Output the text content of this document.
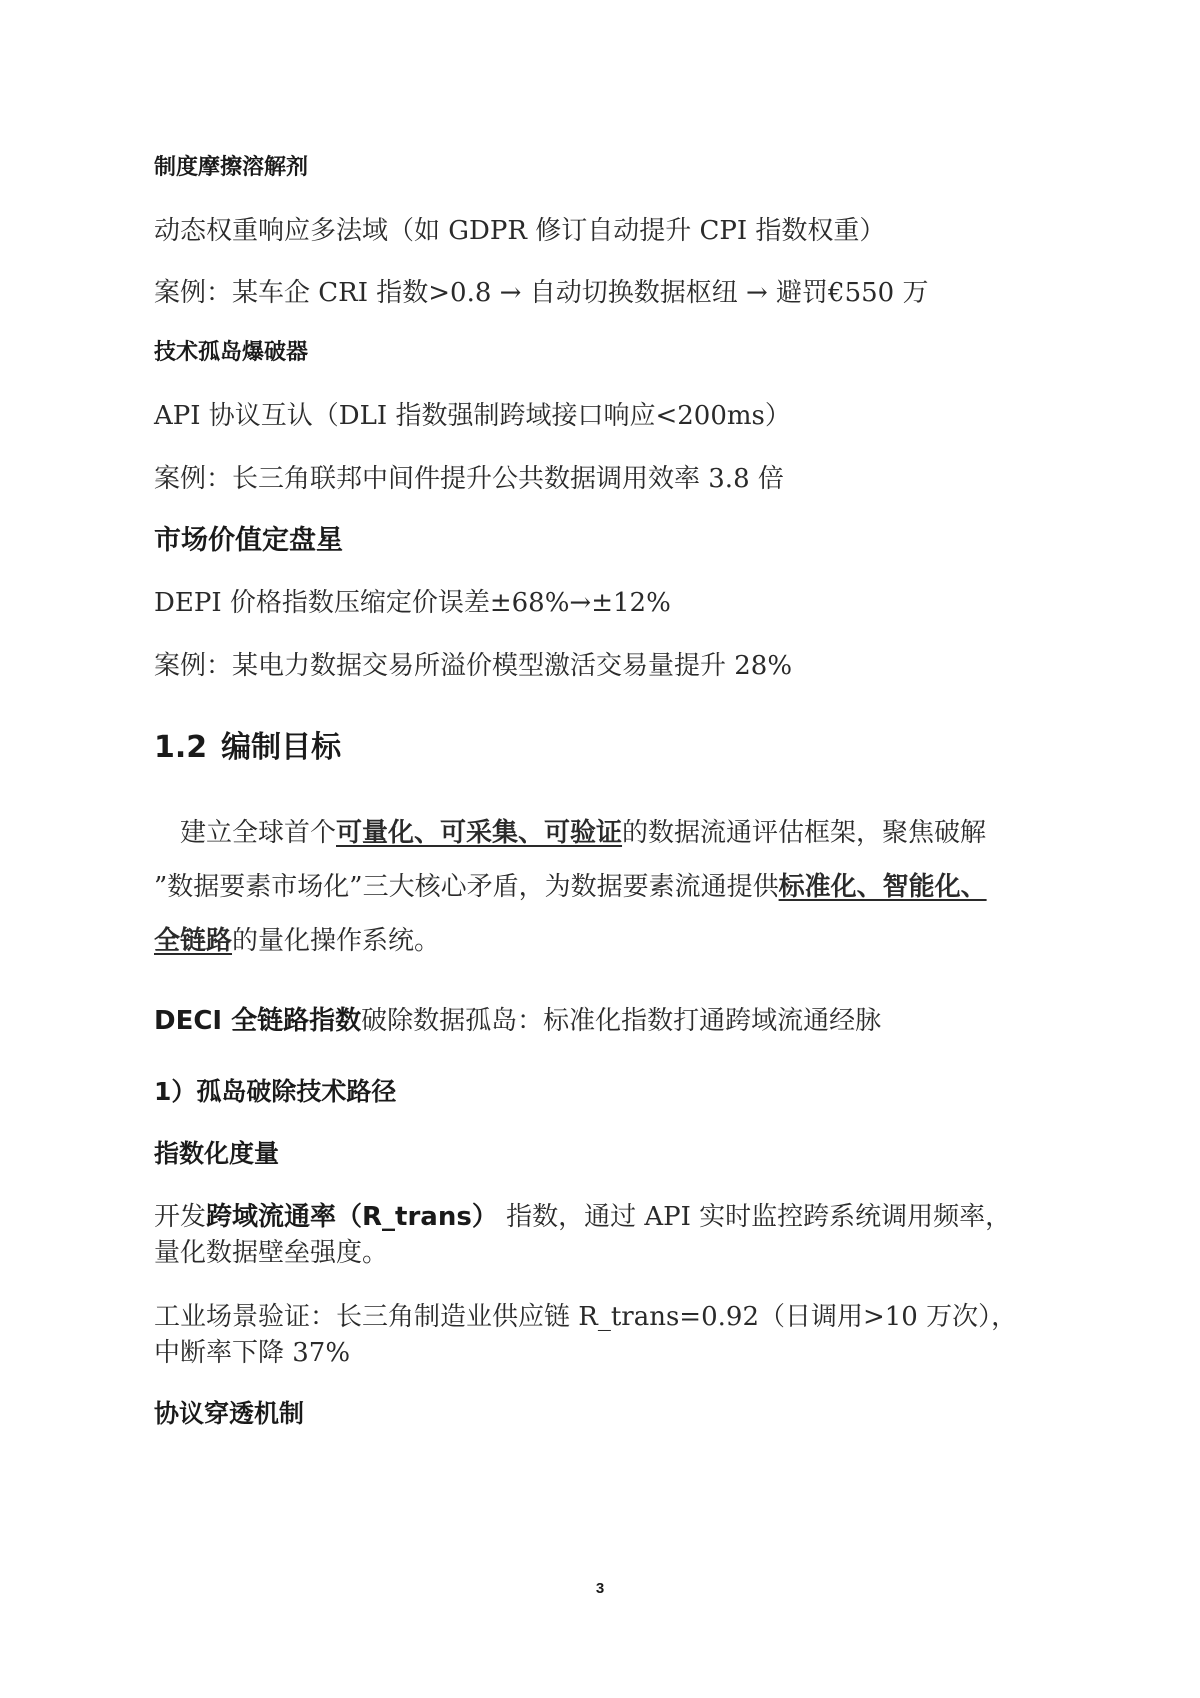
制度摩擦溶解剂
动态权重响应多法域（如 GDPR 修订自动提升 CPI 指数权重）
案例：某车企 CRI 指数>0.8 → 自动切换数据枢纽 → 避罚€550 万
技术孤岛爆破器
API 协议互认（DLI 指数强制跨域接口响应<200ms）
案例：长三角联邦中间件提升公共数据调用效率 3.8 倍
市场价值定盘星
DEPI 价格指数压缩定价误差±68%→±12%
案例：某电力数据交易所溢价模型激活交易量提升 28%
1.2 编制目标
建立全球首个可量化、可采集、可验证的数据流通评估框架，聚焦破解
”数据要素市场化”三大核心矛盾，为数据要素流通提供标准化、智能化、
全链路的量化操作系统。
DECI 全链路指数破除数据孤岛：标准化指数打通跨域流通经脉
1）孤岛破除技术路径
指数化度量
开发跨域流通率（R_trans） 指数，通过 API 实时监控跨系统调用频率，
量化数据壁垒强度。
工业场景验证：长三角制造业供应链 R_trans=0.92（日调用>10 万次），
中断率下降 37%
协议穿透机制
3
